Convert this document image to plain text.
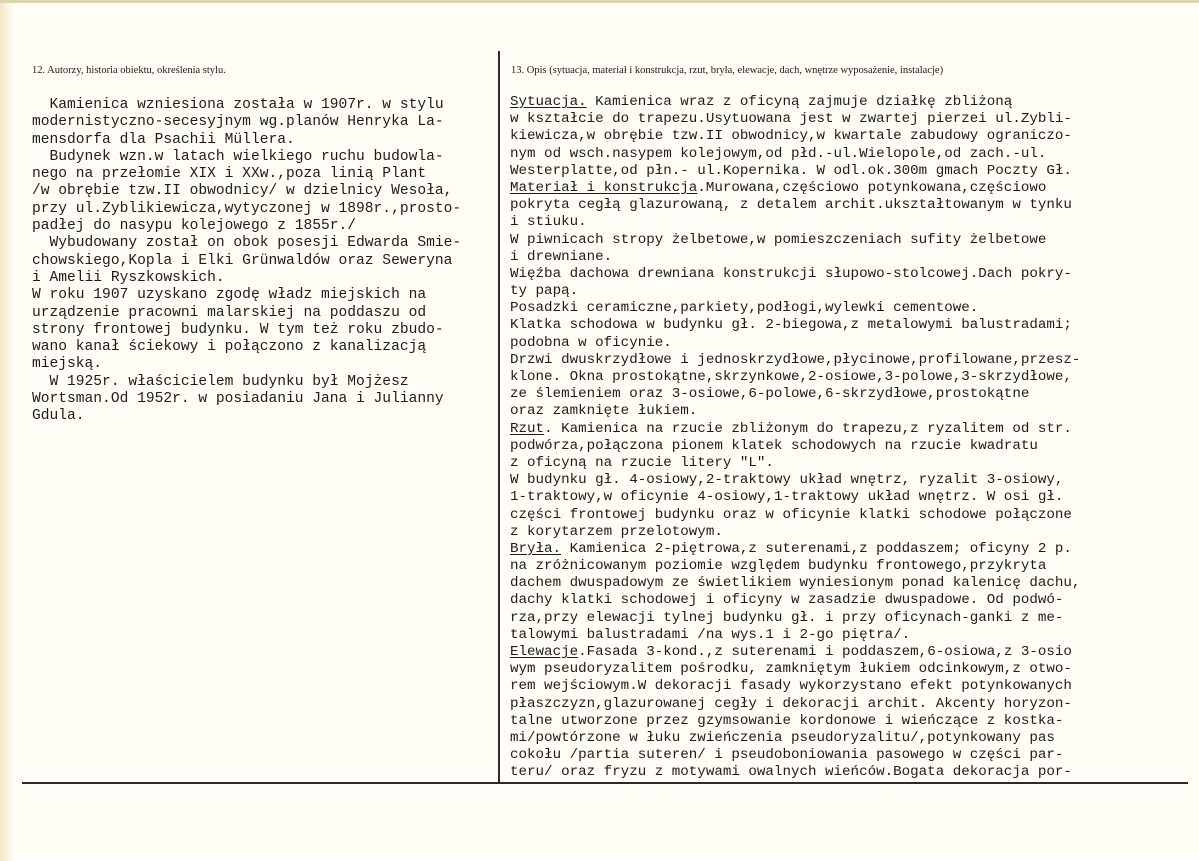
12. Autorzy, historia obiektu, określenia stylu.	13. Opis (sytuacja, materiał i konstrukcja, rzut, bryła, elewacje, dach, wnętrze wyposażenie, instalacje)
Kamienica wzniesiona została w 1907r. w stylu
modernistyczno-secesyjnym wg.planów Henryka La-
mensdorfa dla Psachii Müllera.
Budynek wzn.w latach wielkiego ruchu budowla-
nego na przełomie XIX i XXw.,poza linią Plant
/w obrębie tzw.II obwodnicy/ w dzielnicy Wesoła,
przy ul.Zyblikiewicza,wytyczonej w 1898r.,prosto-
padłej do nasypu kolejowego z 1855r./
Wybudowany został on obok posesji Edwarda Smie-
chowskiego,Kopla i Elki Grünwaldów oraz Seweryna
i Amelii Ryszkowskich.
W roku 1907 uzyskano zgodę władz miejskich na
urządzenie pracowni malarskiej na poddaszu od
strony frontowej budynku. W tym też roku zbudo-
wano kanał ściekowy i połączono z kanalizacją
miejską.
W 1925r. właścicielem budynku był Mojżesz
Wortsman.Od 1952r. w posiadaniu Jana i Julianny
Gdula.
Sytuacja. Kamienica wraz z oficyną zajmuje działkę zbliżoną
w kształcie do trapezu.Usytuowana jest w zwartej pierzei ul.Zybli-
kiewicza,w obrębie tzw.II obwodnicy,w kwartale zabudowy ograniczo-
nym od wsch.nasypem kolejowym,od płd.-ul.Wielopole,od zach.-ul.
Westerplatte,od płn.- ul.Kopernika. W odl.ok.300m gmach Poczty Gł.
Materiał i konstrukcja.Murowana,częściowo potynkowana,częściowo
pokryta cegłą glazurowaną, z detalem archit.ukształtowanym w tynku
i stiuku.
W piwnicach stropy żelbetowe,w pomieszczeniach sufity żelbetowe
i drewniane.
Więźba dachowa drewniana konstrukcji słupowo-stolcowej.Dach pokry-
ty papą.
Posadzki ceramiczne,parkiety,podłogi,wylewki cementowe.
Klatka schodowa w budynku gł. 2-biegowa,z metalowymi balustradami;
podobna w oficynie.
Drzwi dwuskrzydłowe i jednoskrzydłowe,płycinowe,profilowane,przesz-
klone. Okna prostokątne,skrzynkowe,2-osiowe,3-polowe,3-skrzydłowe,
ze ślemieniem oraz 3-osiowe,6-polowe,6-skrzydłowe,prostokątne
oraz zamknięte łukiem.
Rzut. Kamienica na rzucie zbliżonym do trapezu,z ryzalitem od str.
podwórza,połączona pionem klatek schodowych na rzucie kwadratu
z oficyną na rzucie litery "L".
W budynku gł. 4-osiowy,2-traktowy układ wnętrz, ryzalit 3-osiowy,
1-traktowy,w oficynie 4-osiowy,1-traktowy układ wnętrz. W osi gł.
części frontowej budynku oraz w oficynie klatki schodowe połączone
z korytarzem przelotowym.
Bryła. Kamienica 2-piętrowa,z suterenami,z poddaszem; oficyny 2 p.
na zróżnicowanym poziomie względem budynku frontowego,przykryta
dachem dwuspadowym ze świetlikiem wyniesionym ponad kalenicę dachu,
dachy klatki schodowej i oficyny w zasadzie dwuspadowe. Od podwó-
rza,przy elewacji tylnej budynku gł. i przy oficynach-ganki z me-
talowymi balustradami /na wys.1 i 2-go piętra/.
Elewacje.Fasada 3-kond.,z suterenami i poddaszem,6-osiowa,z 3-osio
wym pseudoryzalitem pośrodku, zamkniętym łukiem odcinkowym,z otwo-
rem wejściowym.W dekoracji fasady wykorzystano efekt potynkowanych
płaszczyzn,glazurowanej cegły i dekoracji archit. Akcenty horyzon-
talne utworzone przez gzymsowanie kordonowe i wieńczące z kostka-
mi/powtórzone w łuku zwieńczenia pseudoryzalitu/,potynkowany pas
cokołu /partia suteren/ i pseudoboniowania pasowego w części par-
teru/ oraz fryzu z motywami owalnych wieńców.Bogata dekoracja por-
